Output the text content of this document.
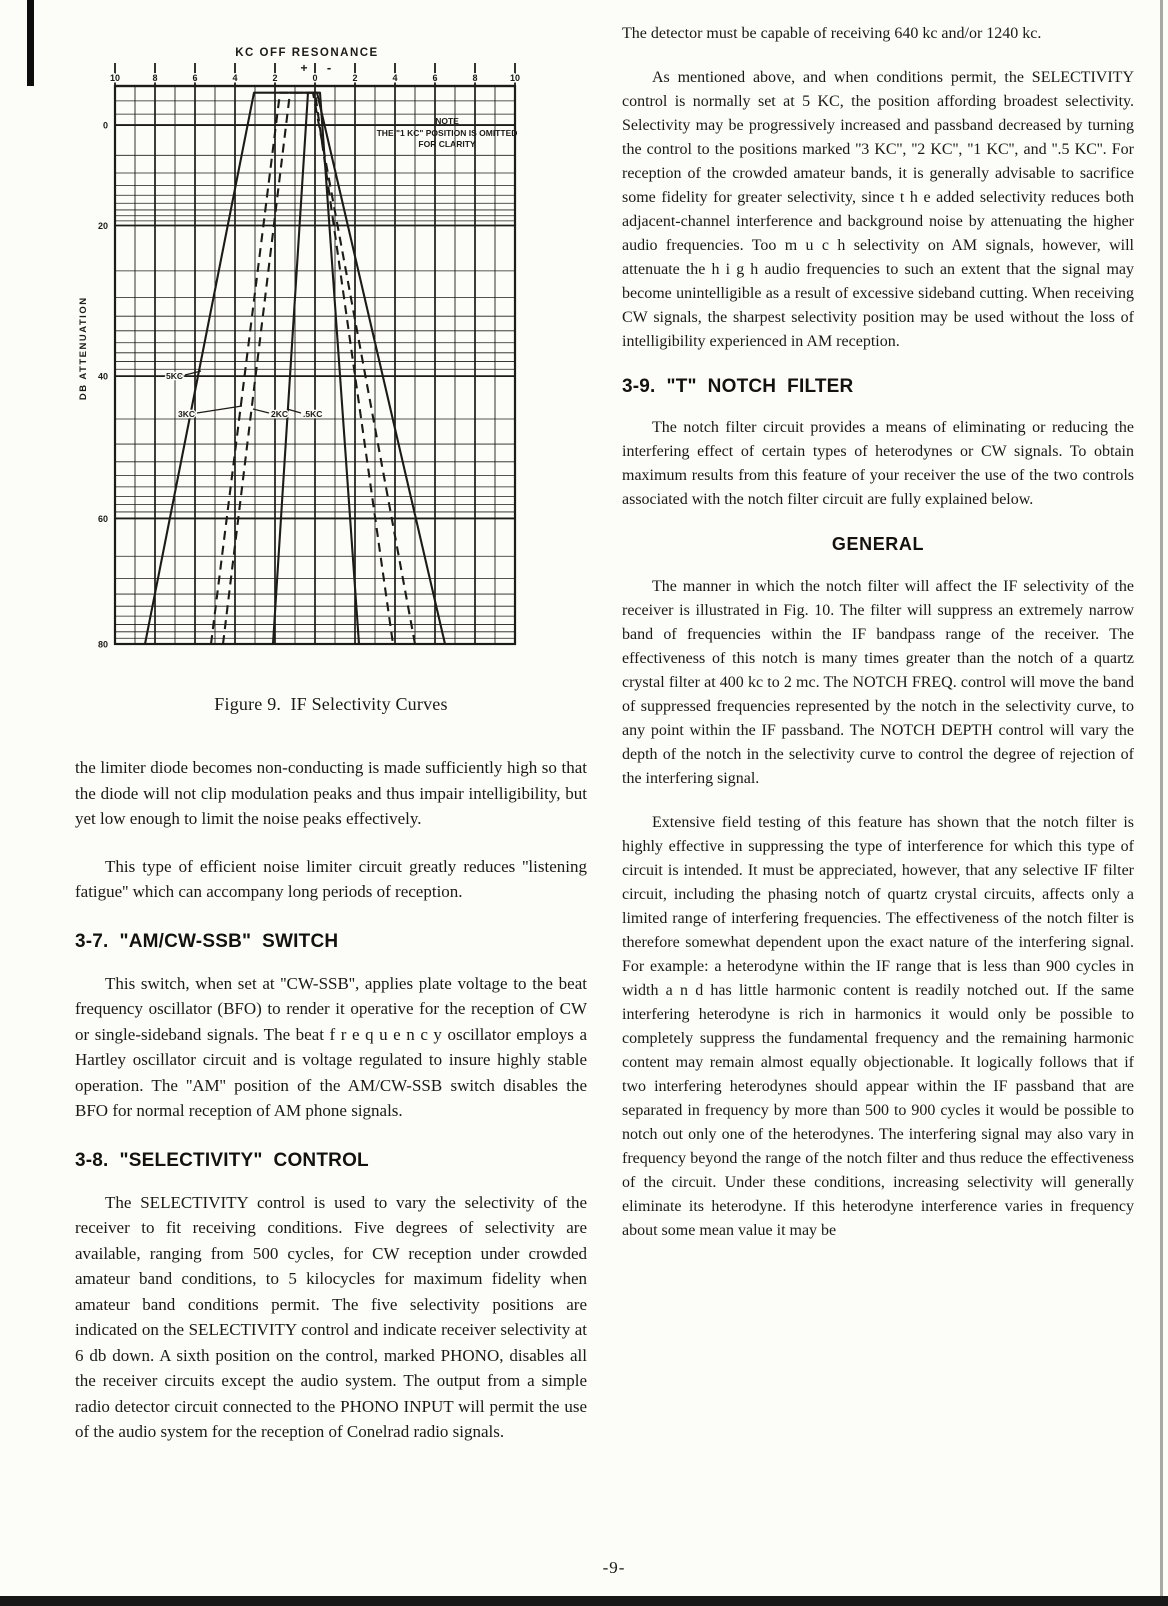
10	8	6	4	2	0	2	4	6	8	10
+ -
KC OFF RESONANCE
0
20
40
60
80
DB ATTENUATION
NOTE
THE "1 KC" POSITION IS OMITTED
FOR CLARITY
5KC
3KC	2KC .5KC
Figure 9.  IF Selectivity Curves
the limiter diode becomes non-conducting is made sufficiently high so that the diode will not clip modulation peaks and thus impair intelligibility, but yet low enough to limit the noise peaks effectively.
This type of efficient noise limiter circuit greatly reduces ''listening fatigue'' which can accompany long periods of reception.
3-7.  "AM/CW-SSB"  SWITCH
This switch, when set at ''CW-SSB'', applies plate voltage to the beat frequency oscillator (BFO) to render it operative for the reception of CW or single-sideband signals. The beat f r e q u e n c y oscillator employs a Hartley oscillator circuit and is voltage regulated to insure highly stable operation. The ''AM'' position of the AM/CW-SSB switch disables the BFO for normal reception of AM phone signals.
3-8.  "SELECTIVITY"  CONTROL
The SELECTIVITY control is used to vary the selectivity of the receiver to fit receiving conditions. Five degrees of selectivity are available, ranging from 500 cycles, for CW reception under crowded amateur band conditions, to 5 kilocycles for maximum fidelity when amateur band conditions permit. The five selectivity positions are indicated on the SELECTIVITY control and indicate receiver selectivity at 6 db down. A sixth position on the control, marked PHONO, disables all the receiver circuits except the audio system. The output from a simple radio detector circuit connected to the PHONO INPUT will permit the use of the audio system for the reception of Conelrad radio signals.
The detector must be capable of receiving 640 kc and/or 1240 kc.
As mentioned above, and when conditions permit, the SELECTIVITY control is normally set at 5 KC, the position affording broadest selectivity. Selectivity may be progressively increased and passband decreased by turning the control to the positions marked ''3 KC'', ''2 KC'', ''1 KC'', and ''.5 KC''. For reception of the crowded amateur bands, it is generally advisable to sacrifice some fidelity for greater selectivity, since t h e added selectivity reduces both adjacent-channel interference and background noise by attenuating the higher audio frequencies. Too m u c h selectivity on AM signals, however, will attenuate the h i g h audio frequencies to such an extent that the signal may become unintelligible as a result of excessive sideband cutting. When receiving CW signals, the sharpest selectivity position may be used without the loss of intelligibility experienced in AM reception.
3-9.  "T"  NOTCH  FILTER
The notch filter circuit provides a means of eliminating or reducing the interfering effect of certain types of heterodynes or CW signals. To obtain maximum results from this feature of your receiver the use of the two controls associated with the notch filter circuit are fully explained below.
GENERAL
The manner in which the notch filter will affect the IF selectivity of the receiver is illustrated in Fig. 10. The filter will suppress an extremely narrow band of frequencies within the IF bandpass range of the receiver. The effectiveness of this notch is many times greater than the notch of a quartz crystal filter at 400 kc to 2 mc. The NOTCH FREQ. control will move the band of suppressed frequencies represented by the notch in the selectivity curve, to any point within the IF passband. The NOTCH DEPTH control will vary the depth of the notch in the selectivity curve to control the degree of rejection of the interfering signal.
Extensive field testing of this feature has shown that the notch filter is highly effective in suppressing the type of interference for which this type of circuit is intended. It must be appreciated, however, that any selective IF filter circuit, including the phasing notch of quartz crystal circuits, affects only a limited range of interfering frequencies. The effectiveness of the notch filter is therefore somewhat dependent upon the exact nature of the interfering signal. For example: a heterodyne within the IF range that is less than 900 cycles in width a n d has little harmonic content is readily notched out. If the same interfering heterodyne is rich in harmonics it would only be possible to completely suppress the fundamental frequency and the remaining harmonic content may remain almost equally objectionable. It logically follows that if two interfering heterodynes should appear within the IF passband that are separated in frequency by more than 500 to 900 cycles it would be possible to notch out only one of the heterodynes. The interfering signal may also vary in frequency beyond the range of the notch filter and thus reduce the effectiveness of the circuit. Under these conditions, increasing selectivity will generally eliminate its heterodyne. If this heterodyne interference varies in frequency about some mean value it may be
-9-
